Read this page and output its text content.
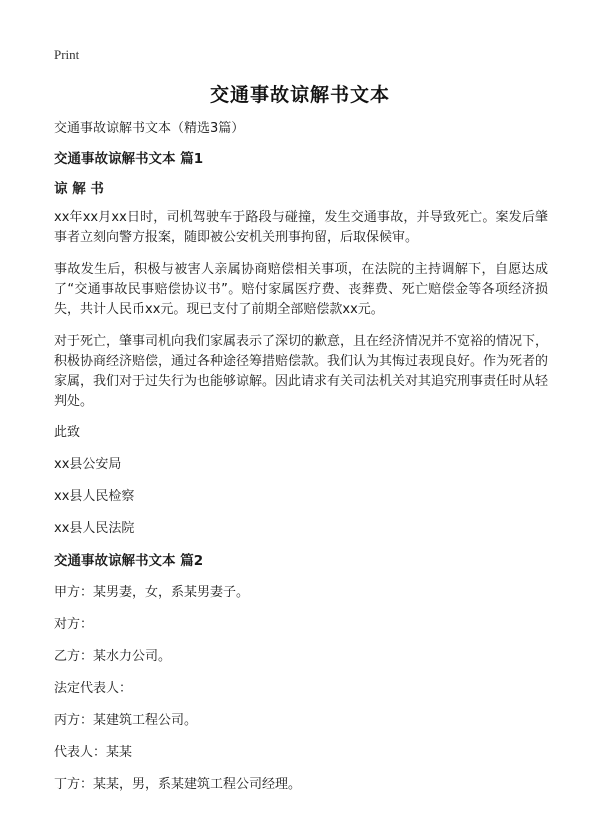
Print
交通事故谅解书文本

交通事故谅解书文本（精选3篇）

交通事故谅解书文本 篇1

谅 解 书

xx年xx月xx日时，司机驾驶车于路段与碰撞，发生交通事故，并导致死亡。案发后肇事者立刻向警方报案，随即被公安机关刑事拘留，后取保候审。

事故发生后，积极与被害人亲属协商赔偿相关事项，在法院的主持调解下，自愿达成了“交通事故民事赔偿协议书”。赔付家属医疗费、丧葬费、死亡赔偿金等各项经济损失，共计人民币xx元。现已支付了前期全部赔偿款xx元。

对于死亡，肇事司机向我们家属表示了深切的歉意，且在经济情况并不宽裕的情况下，积极协商经济赔偿，通过各种途径筹措赔偿款。我们认为其悔过表现良好。作为死者的家属，我们对于过失行为也能够谅解。因此请求有关司法机关对其追究刑事责任时从轻判处。

此致

xx县公安局

xx县人民检察

xx县人民法院

交通事故谅解书文本 篇2

甲方：某男妻，女，系某男妻子。

对方：

乙方：某水力公司。

法定代表人：

丙方：某建筑工程公司。

代表人：某某

丁方：某某，男，系某建筑工程公司经理。
